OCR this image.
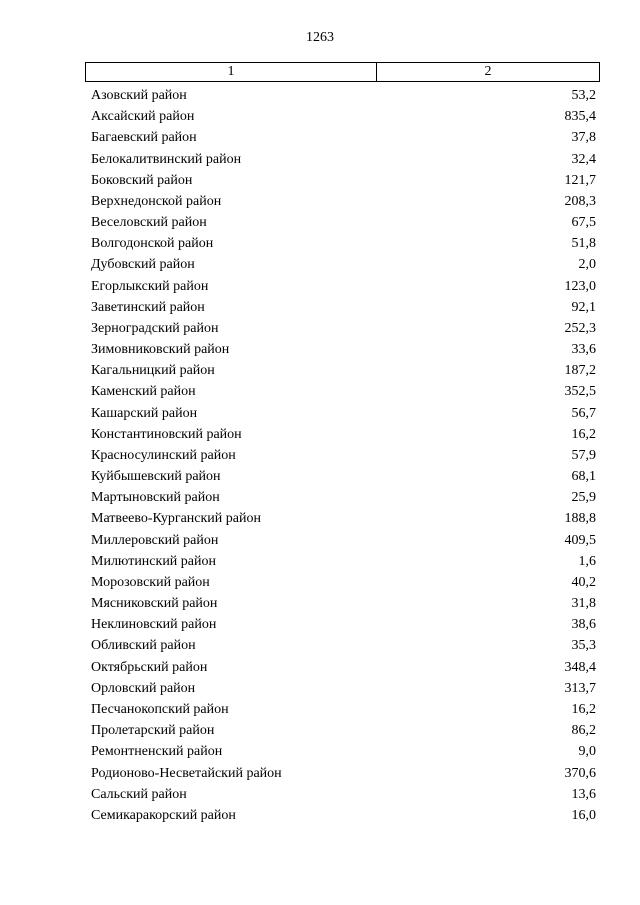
1263
1	2
Азовский район	53,2
Аксайский район	835,4
Багаевский район	37,8
Белокалитвинский район	32,4
Боковский район	121,7
Верхнедонской район	208,3
Веселовский район	67,5
Волгодонской район	51,8
Дубовский район	2,0
Егорлыкский район	123,0
Заветинский район	92,1
Зерноградский район	252,3
Зимовниковский район	33,6
Кагальницкий район	187,2
Каменский район	352,5
Кашарский район	56,7
Константиновский район	16,2
Красносулинский район	57,9
Куйбышевский район	68,1
Мартыновский район	25,9
Матвеево-Курганский район	188,8
Миллеровский район	409,5
Милютинский район	1,6
Морозовский район	40,2
Мясниковский район	31,8
Неклиновский район	38,6
Обливский район	35,3
Октябрьский район	348,4
Орловский район	313,7
Песчанокопский район	16,2
Пролетарский район	86,2
Ремонтненский район	9,0
Родионово-Несветайский район	370,6
Сальский район	13,6
Семикаракорский район	16,0
